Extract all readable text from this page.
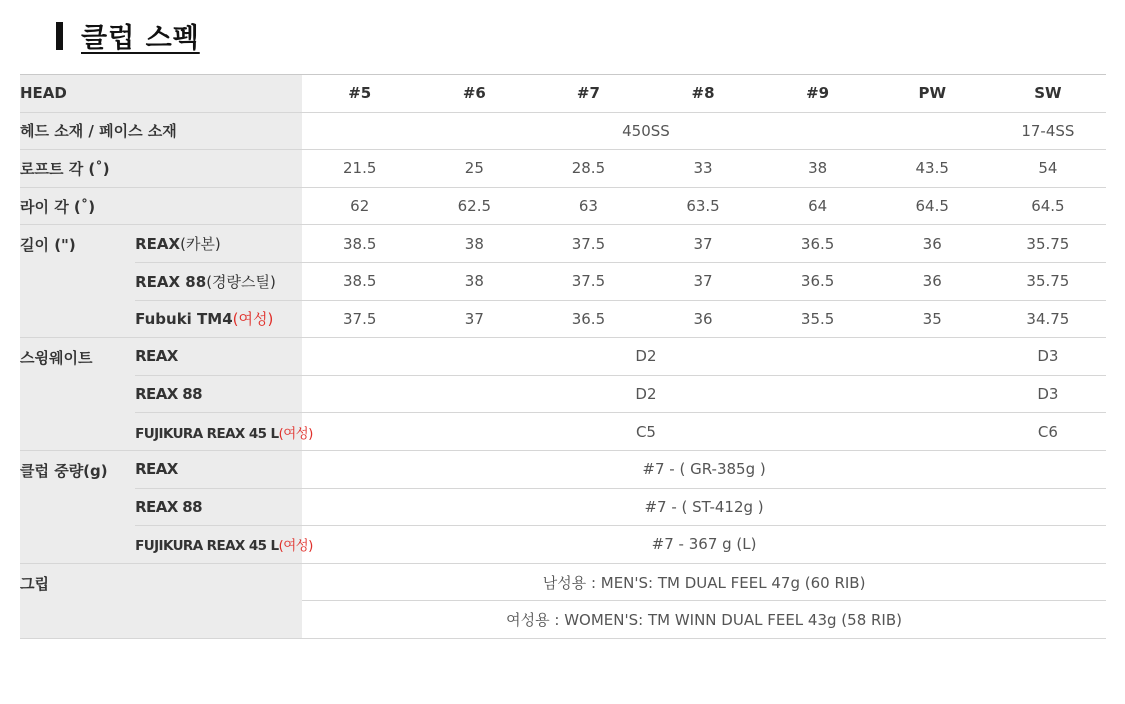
클럽 스펙
HEAD		#5	#6	#7	#8	#9	PW	SW
헤드 소재 / 페이스 소재		450SS						17-4SS
로프트 각 (˚)		21.5	25	28.5	33	38	43.5	54
라이 각 (˚)		62	62.5	63	63.5	64	64.5	64.5
길이 (")	REAX(카본)	38.5	38	37.5	37	36.5	36	35.75
	REAX 88(경량스틸)	38.5	38	37.5	37	36.5	36	35.75
	Fubuki TM4(여성)	37.5	37	36.5	36	35.5	35	34.75
스윙웨이트	REAX	D2						D3
	REAX 88	D2						D3
	FUJIKURA REAX 45 L(여성)	C5						C6
클럽 중량(g)	REAX	#7 - ( GR-385g )						
	REAX 88	#7 - ( ST-412g )						
	FUJIKURA REAX 45 L(여성)	#7 - 367 g (L)						
그립		남성용 : MEN'S: TM DUAL FEEL 47g (60 RIB)						
		여성용 : WOMEN'S: TM WINN DUAL FEEL 43g (58 RIB)						
